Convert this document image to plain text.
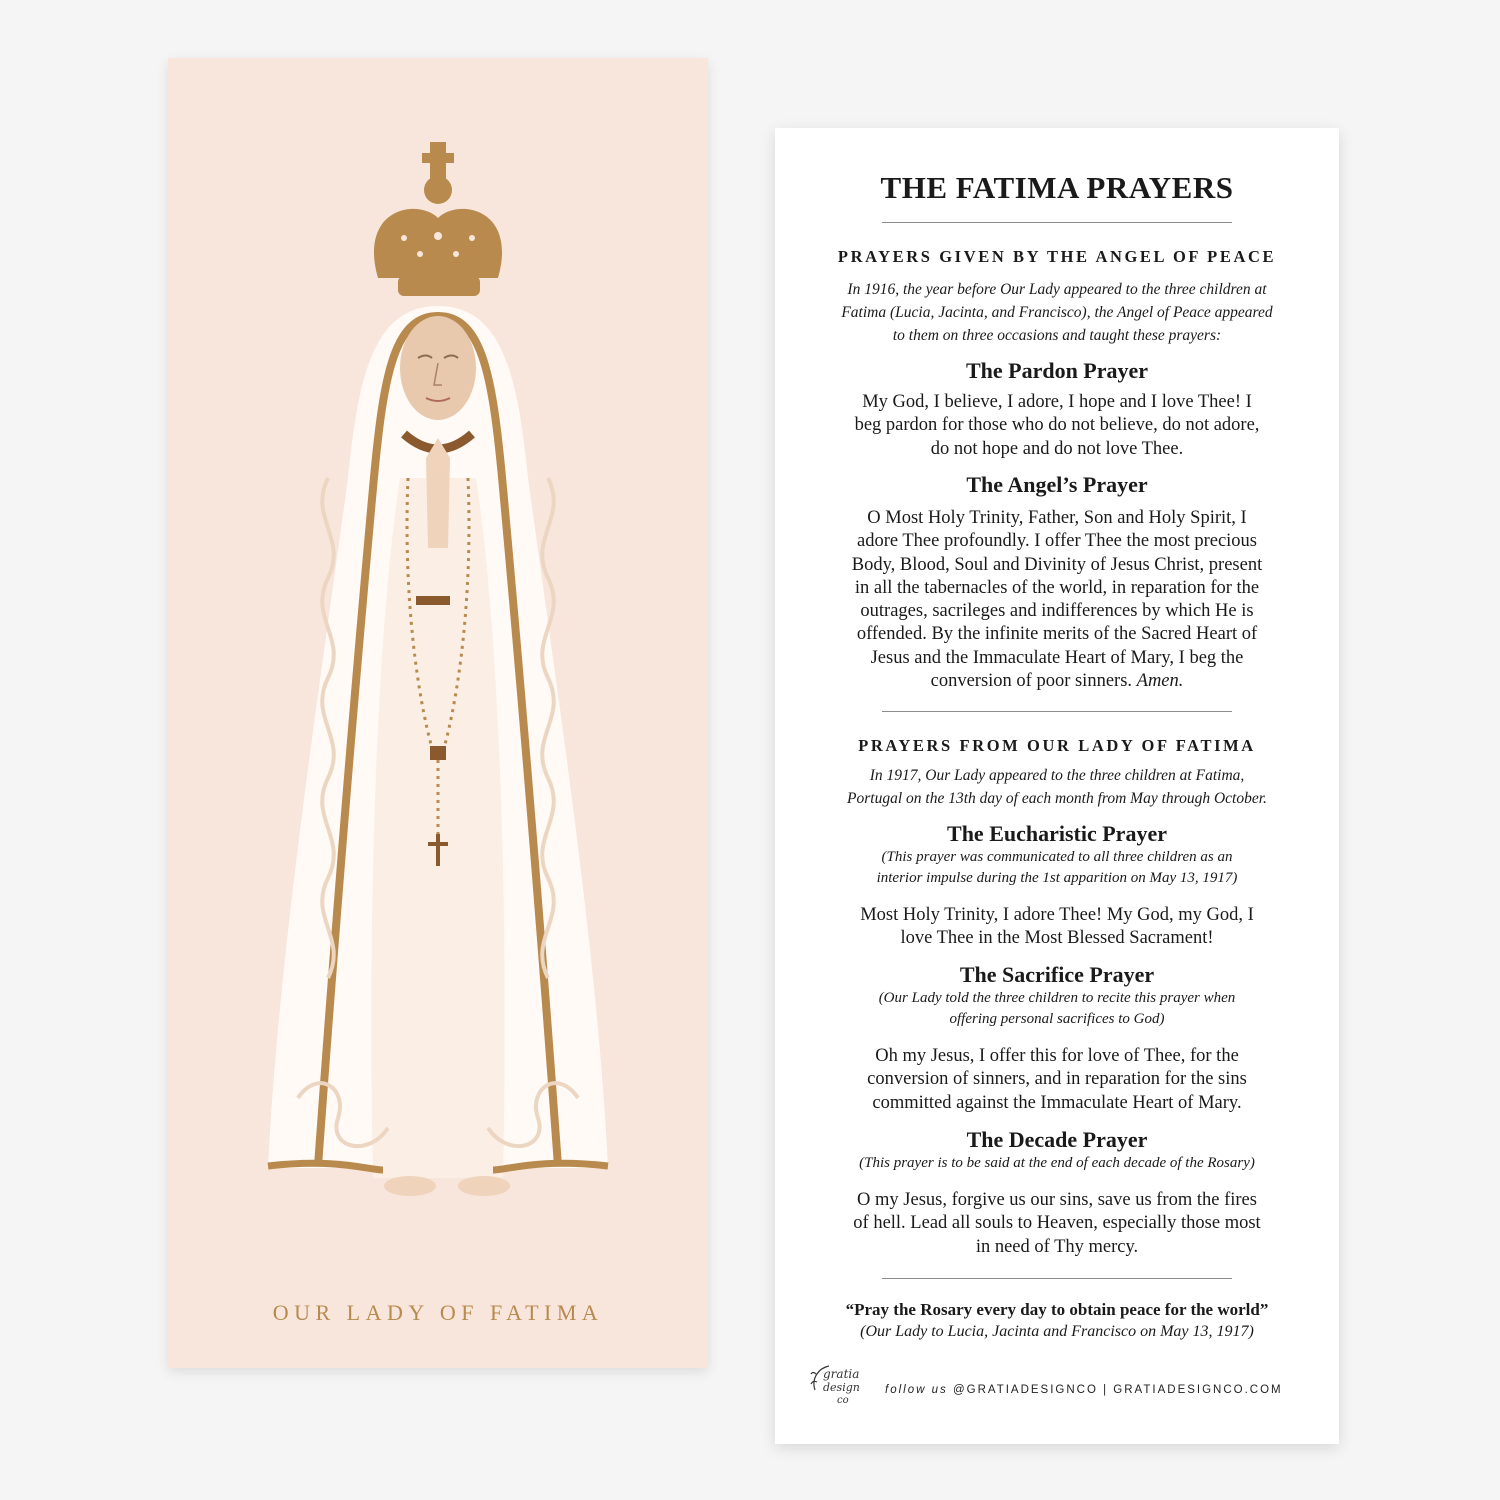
OUR LADY OF FATIMA
THE FATIMA PRAYERS
PRAYERS GIVEN BY THE ANGEL OF PEACE
In 1916, the year before Our Lady appeared to the three children at
Fatima (Lucia, Jacinta, and Francisco), the Angel of Peace appeared
to them on three occasions and taught these prayers:
The Pardon Prayer
My God, I believe, I adore, I hope and I love Thee! I
beg pardon for those who do not believe, do not adore,
do not hope and do not love Thee.
The Angel’s Prayer
O Most Holy Trinity, Father, Son and Holy Spirit, I
adore Thee profoundly. I offer Thee the most precious
Body, Blood, Soul and Divinity of Jesus Christ, present
in all the tabernacles of the world, in reparation for the
outrages, sacrileges and indifferences by which He is
offended. By the infinite merits of the Sacred Heart of
Jesus and the Immaculate Heart of Mary, I beg the
conversion of poor sinners. Amen.
PRAYERS FROM OUR LADY OF FATIMA
In 1917, Our Lady appeared to the three children at Fatima,
Portugal on the 13th day of each month from May through October.
The Eucharistic Prayer
(This prayer was communicated to all three children as an
interior impulse during the 1st apparition on May 13, 1917)
Most Holy Trinity, I adore Thee! My God, my God, I
love Thee in the Most Blessed Sacrament!
The Sacrifice Prayer
(Our Lady told the three children to recite this prayer when
offering personal sacrifices to God)
Oh my Jesus, I offer this for love of Thee, for the
conversion of sinners, and in reparation for the sins
committed against the Immaculate Heart of Mary.
The Decade Prayer
(This prayer is to be said at the end of each decade of the Rosary)
O my Jesus, forgive us our sins, save us from the fires
of hell. Lead all souls to Heaven, especially those most
in need of Thy mercy.
“Pray the Rosary every day to obtain peace for the world”
(Our Lady to Lucia, Jacinta and Francisco on May 13, 1917)
gratia
design
co
follow us @GRATIADESIGNCO | GRATIADESIGNCO.COM
